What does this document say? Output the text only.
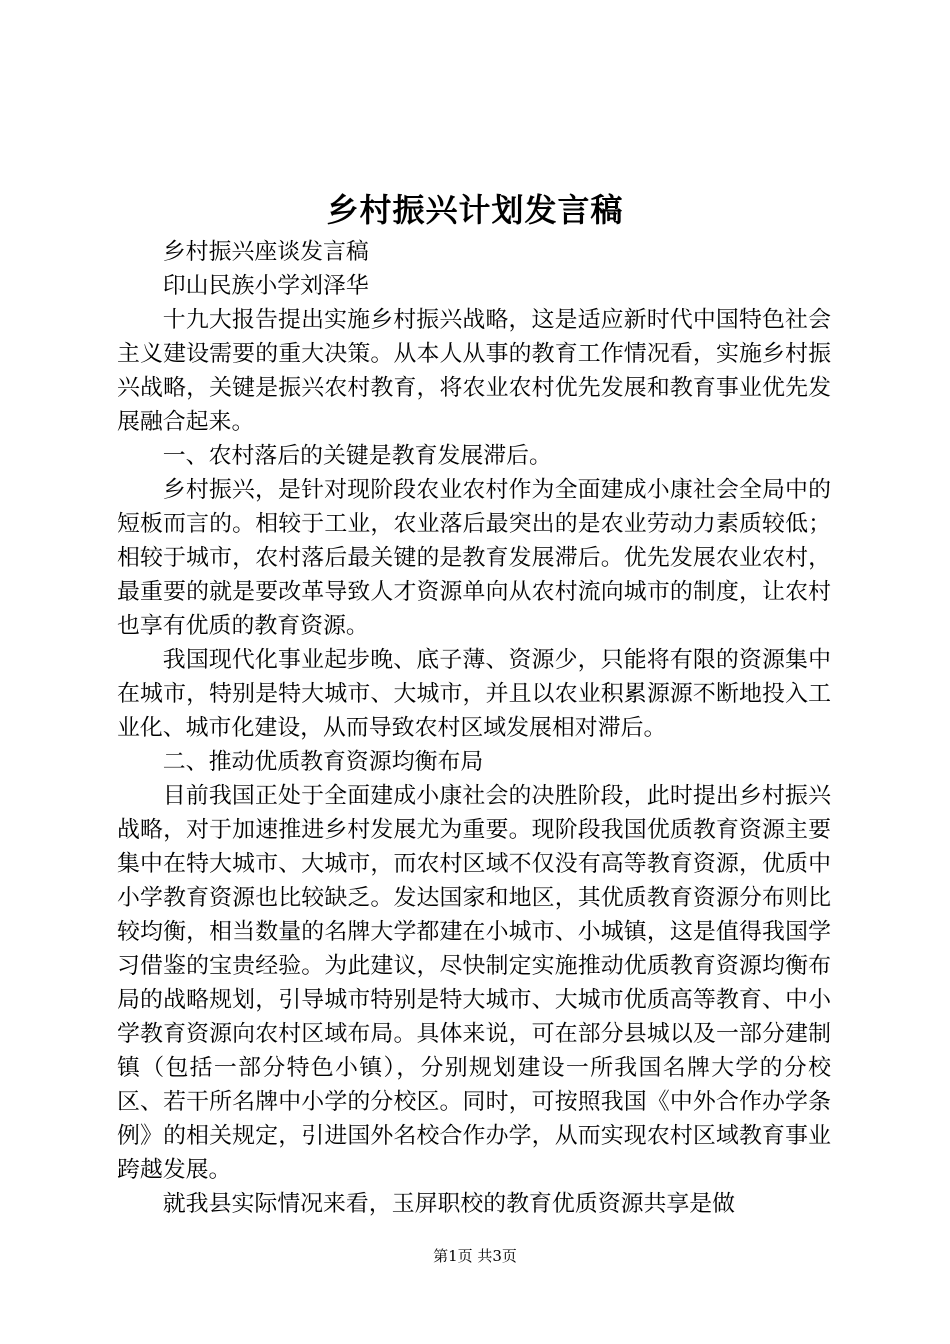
乡村振兴计划发言稿

乡村振兴座谈发言稿

印山民族小学刘泽华

十九大报告提出实施乡村振兴战略，这是适应新时代中国特色社会主义建设需要的重大决策。从本人从事的教育工作情况看，实施乡村振兴战略，关键是振兴农村教育，将农业农村优先发展和教育事业优先发展融合起来。

一、农村落后的关键是教育发展滞后。

乡村振兴，是针对现阶段农业农村作为全面建成小康社会全局中的短板而言的。相较于工业，农业落后最突出的是农业劳动力素质较低；相较于城市，农村落后最关键的是教育发展滞后。优先发展农业农村，最重要的就是要改革导致人才资源单向从农村流向城市的制度，让农村也享有优质的教育资源。

我国现代化事业起步晚、底子薄、资源少，只能将有限的资源集中在城市，特别是特大城市、大城市，并且以农业积累源源不断地投入工业化、城市化建设，从而导致农村区域发展相对滞后。

二、推动优质教育资源均衡布局

目前我国正处于全面建成小康社会的决胜阶段，此时提出乡村振兴战略，对于加速推进乡村发展尤为重要。现阶段我国优质教育资源主要集中在特大城市、大城市，而农村区域不仅没有高等教育资源，优质中小学教育资源也比较缺乏。发达国家和地区，其优质教育资源分布则比较均衡，相当数量的名牌大学都建在小城市、小城镇，这是值得我国学习借鉴的宝贵经验。为此建议，尽快制定实施推动优质教育资源均衡布局的战略规划，引导城市特别是特大城市、大城市优质高等教育、中小学教育资源向农村区域布局。具体来说，可在部分县城以及一部分建制镇（包括一部分特色小镇），分别规划建设一所我国名牌大学的分校区、若干所名牌中小学的分校区。同时，可按照我国《中外合作办学条例》的相关规定，引进国外名校合作办学，从而实现农村区域教育事业跨越发展。

就我县实际情况来看，玉屏职校的教育优质资源共享是做

第1页 共3页
